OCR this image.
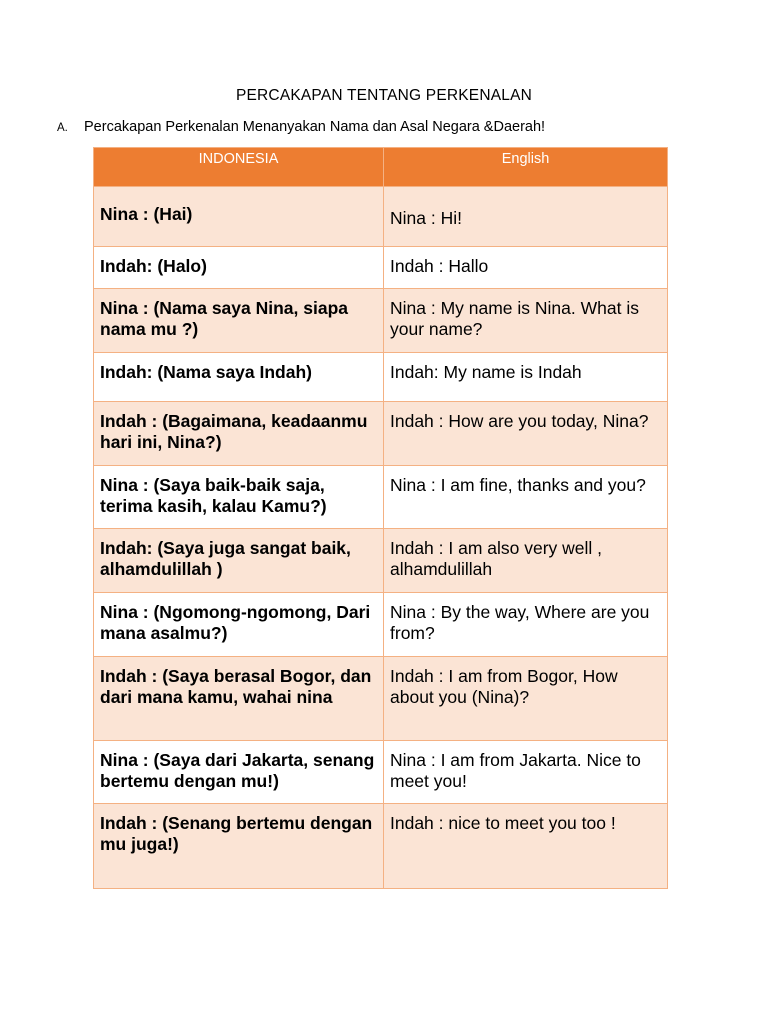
PERCAKAPAN TENTANG PERKENALAN
A. Percakapan Perkenalan Menanyakan Nama dan Asal Negara &Daerah!
INDONESIA	English
Nina : (Hai)	Nina : Hi!
Indah: (Halo)	Indah : Hallo
Nina : (Nama saya Nina, siapa nama mu ?)	Nina : My name is Nina. What is your name?
Indah: (Nama saya Indah)	Indah: My name is Indah
Indah : (Bagaimana, keadaanmu hari ini, Nina?)	Indah : How are you today, Nina?
Nina : (Saya baik-baik saja, terima kasih, kalau Kamu?)	Nina : I am fine, thanks and you?
Indah: (Saya juga sangat baik, alhamdulillah )	Indah : I am also very well , alhamdulillah
Nina : (Ngomong-ngomong, Dari mana asalmu?)	Nina : By the way, Where are you from?
Indah : (Saya berasal Bogor, dan dari mana kamu, wahai nina	Indah : I am from Bogor, How about you (Nina)?
Nina : (Saya dari Jakarta, senang bertemu dengan mu!)	Nina : I am from Jakarta. Nice to meet you!
Indah : (Senang bertemu dengan mu juga!)	Indah : nice to meet you too !
